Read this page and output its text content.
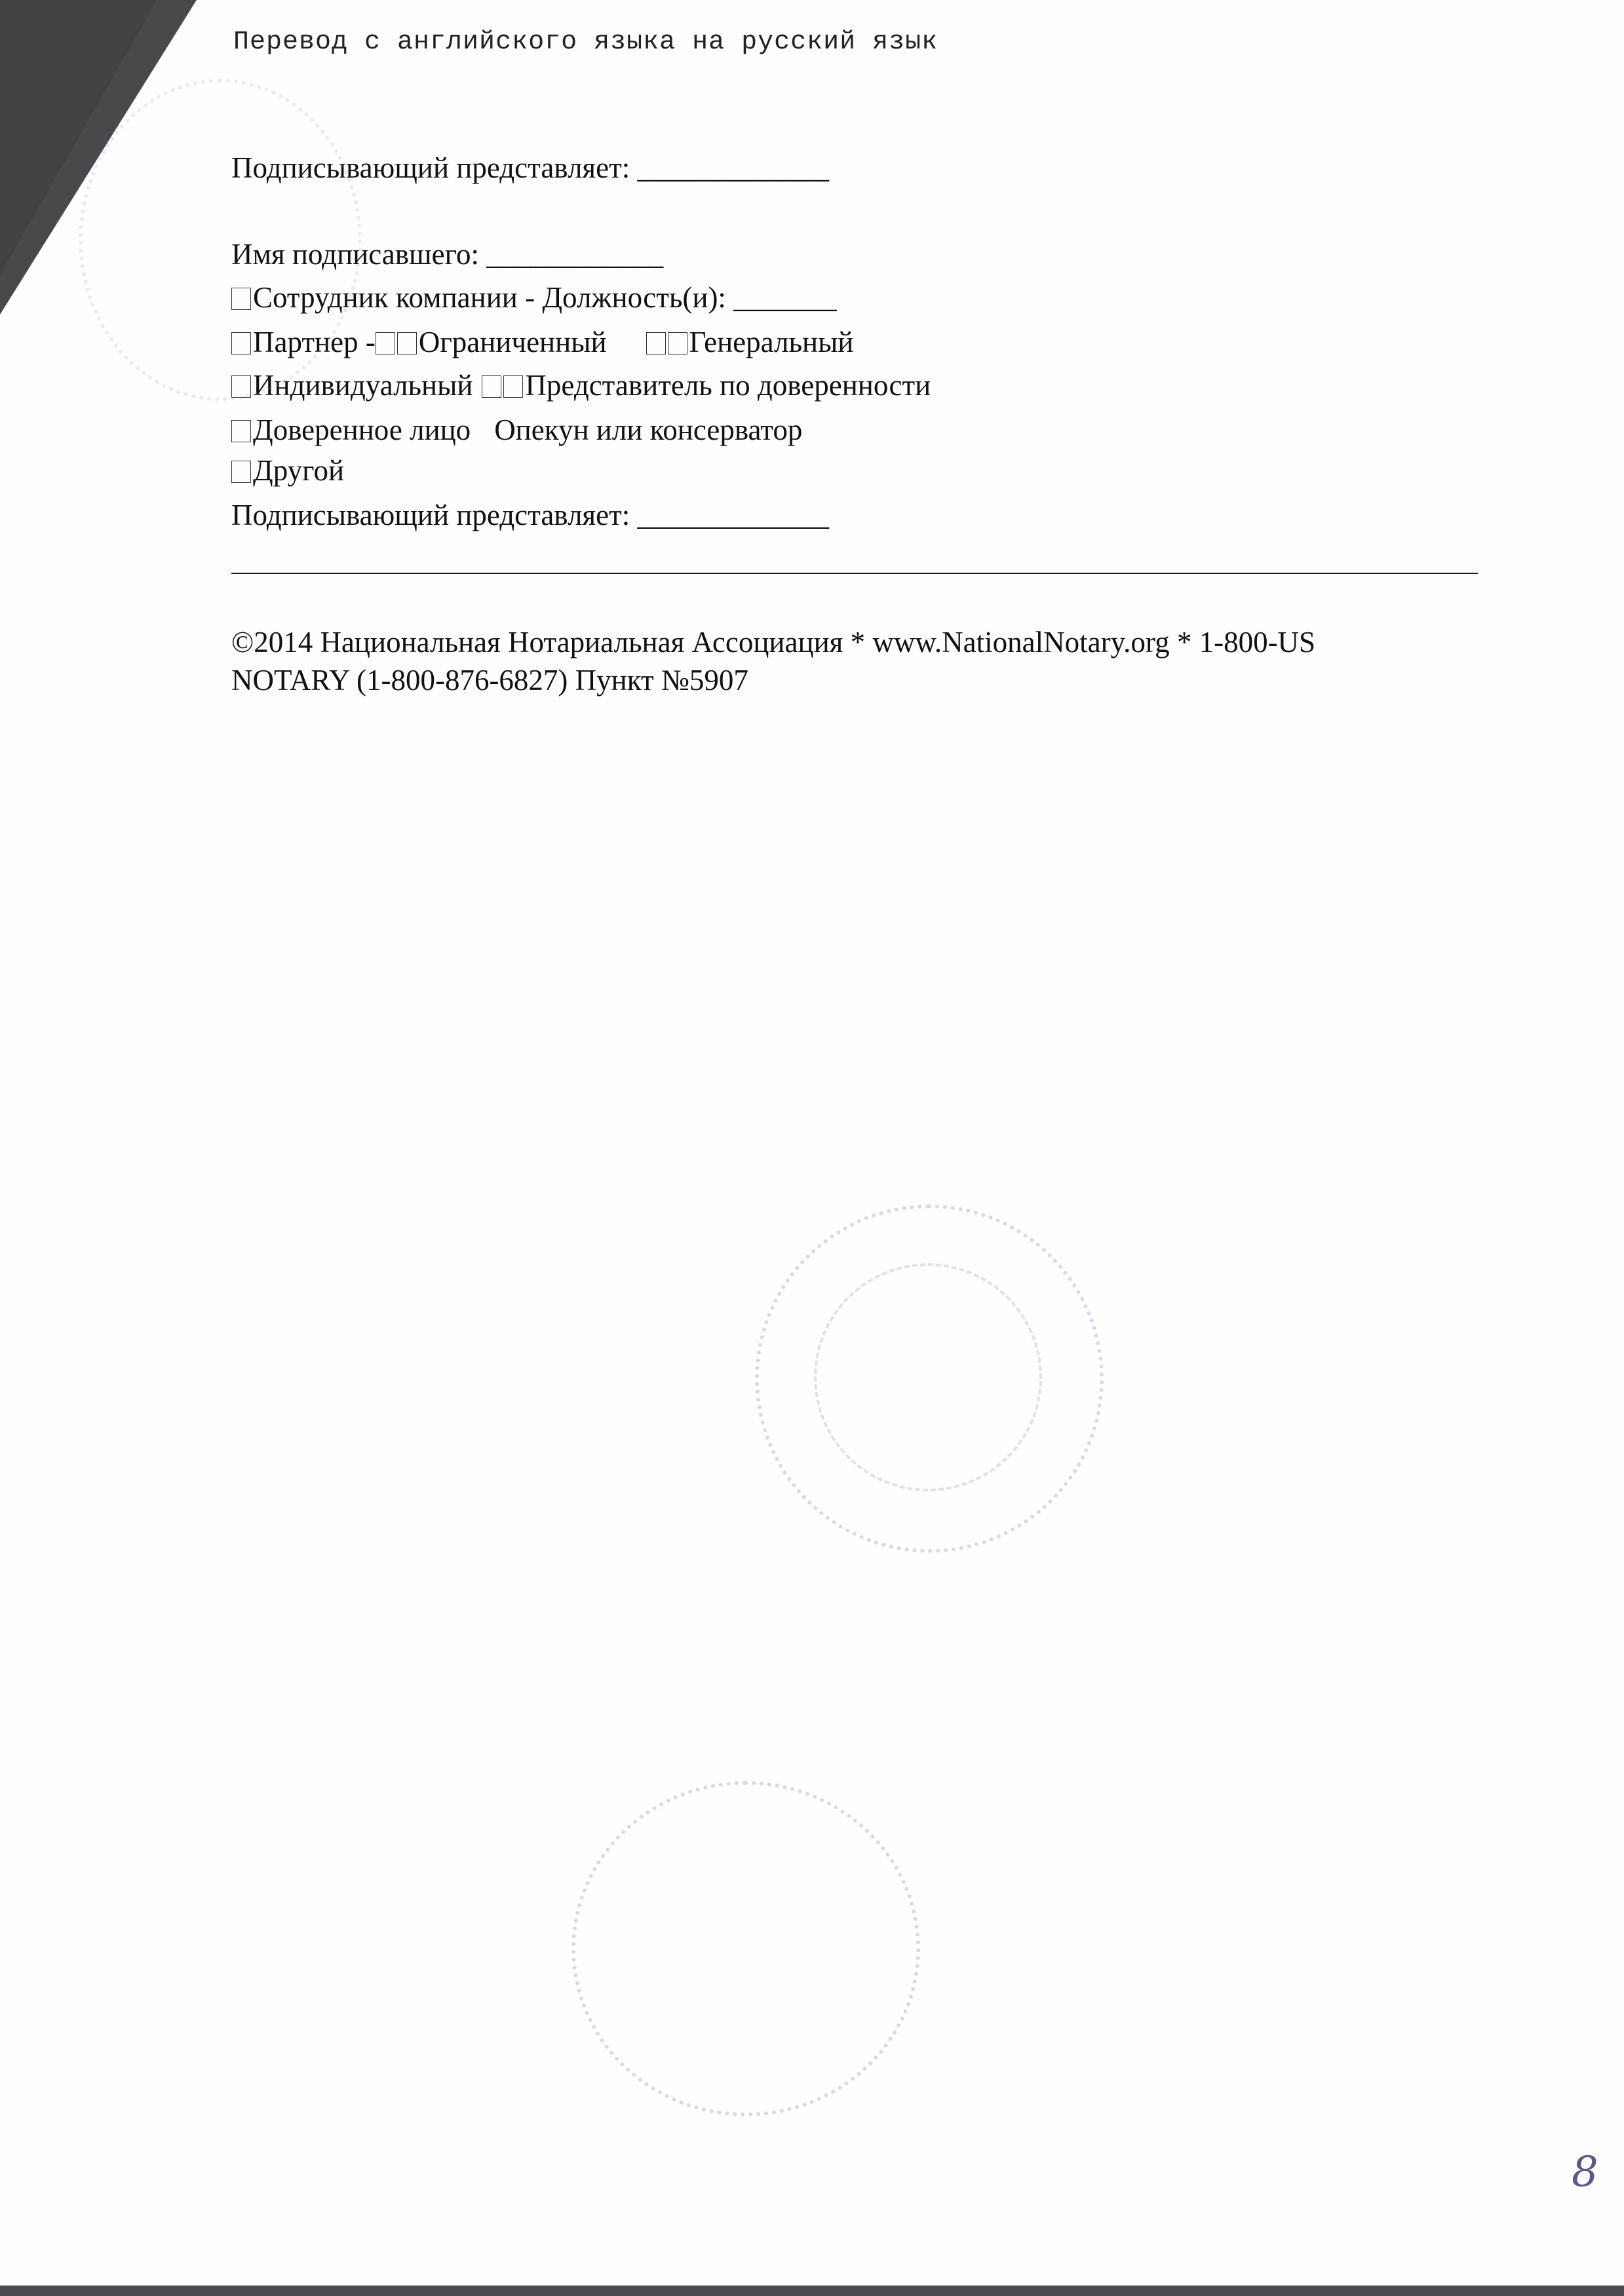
Перевод с английского языка на русский язык
Подписывающий представляет: _____________
Имя подписавшего: ____________
Сотрудник компании - Должность(и): _______
Партнер - Ограниченный	Генеральный
Индивидуальный Представитель по доверенности
Доверенное лицо Опекун или консерватор
Другой
Подписывающий представляет: _____________
©2014 Национальная Нотариальная Ассоциация * www.NationalNotary.org * 1-800-US
NOTARY (1-800-876-6827) Пункт №5907
8
